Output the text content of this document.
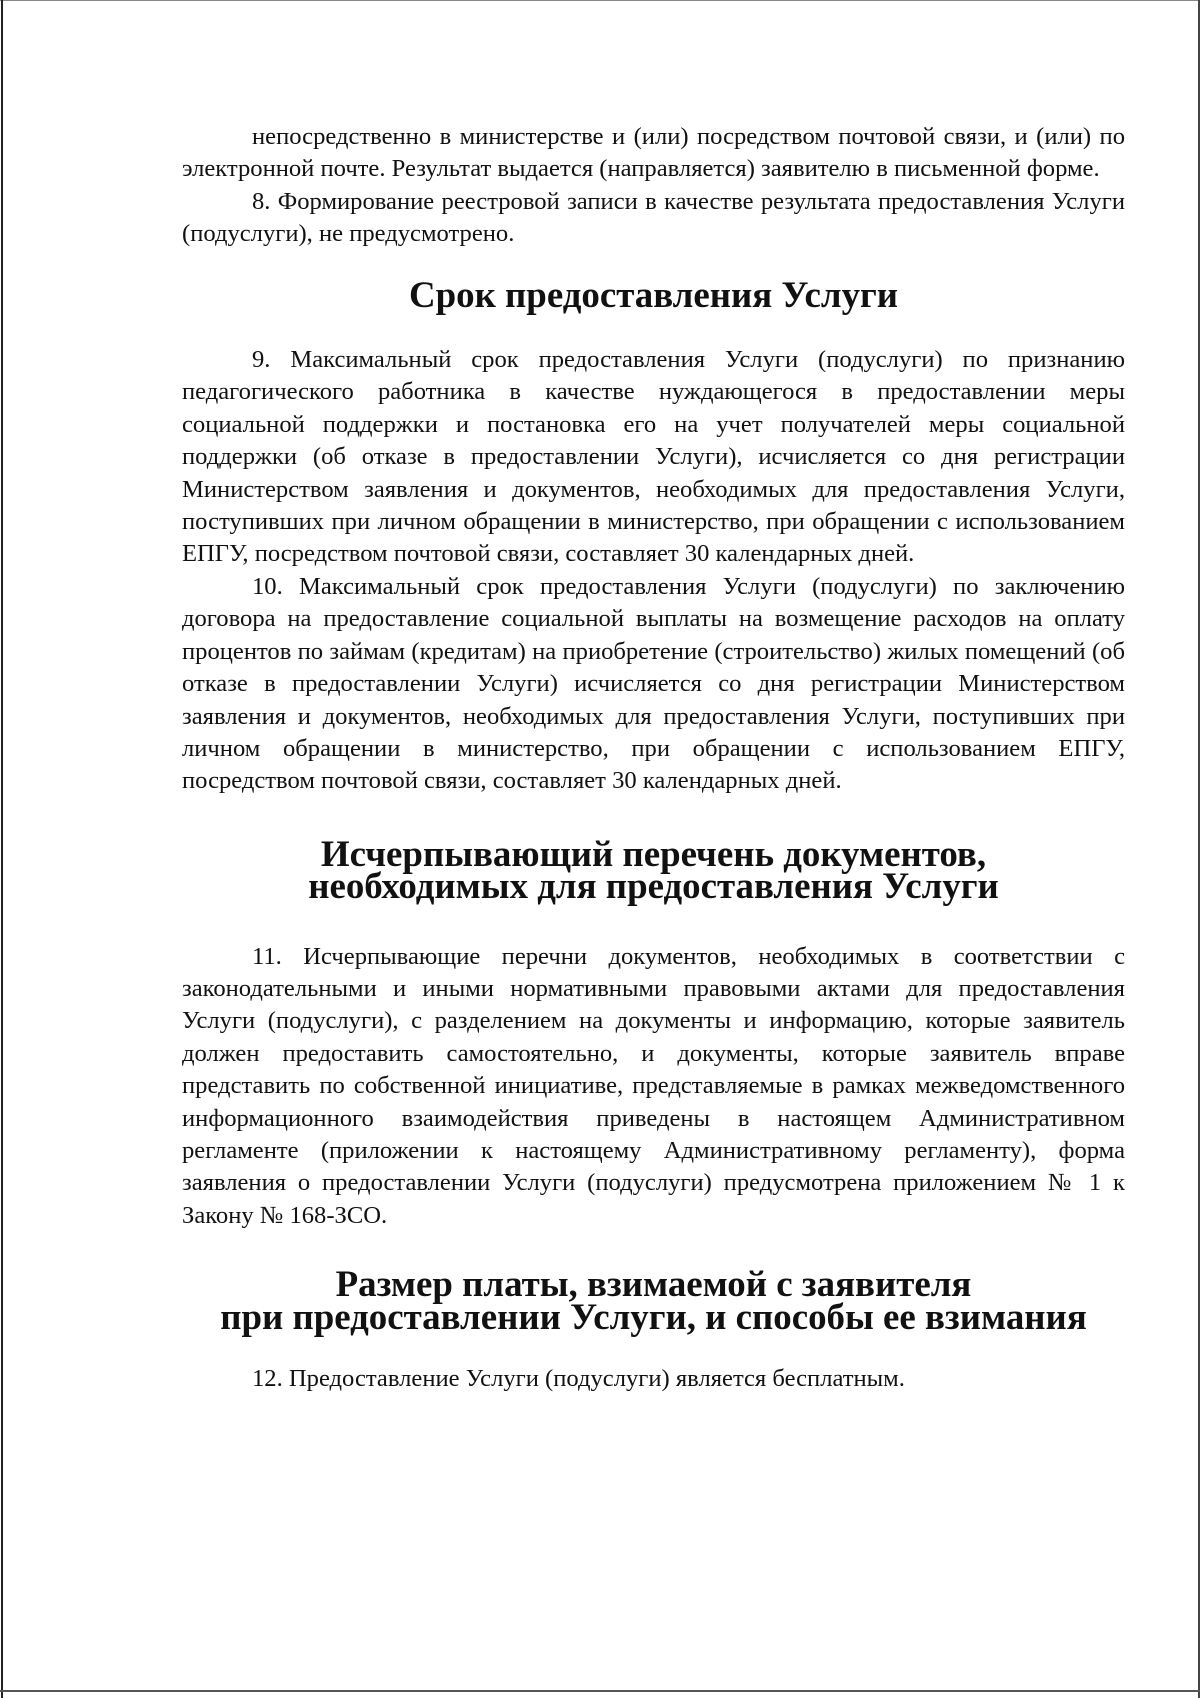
непосредственно в министерстве и (или) посредством почтовой связи, и (или) по электронной почте. Результат выдается (направляется) заявителю в письменной форме.

8. Формирование реестровой записи в качестве результата предоставления Услуги (подуслуги), не предусмотрено.

Срок предоставления Услуги

9. Максимальный срок предоставления Услуги (подуслуги) по признанию педагогического работника в качестве нуждающегося в предоставлении меры социальной поддержки и постановка его на учет получателей меры социальной поддержки (об отказе в предоставлении Услуги), исчисляется со дня регистрации Министерством заявления и документов, необходимых для предоставления Услуги, поступивших при личном обращении в министерство, при обращении с использованием ЕПГУ, посредством почтовой связи, составляет 30 календарных дней.

10. Максимальный срок предоставления Услуги (подуслуги) по заключению договора на предоставление социальной выплаты на возмещение расходов на оплату процентов по займам (кредитам) на приобретение (строительство) жилых помещений (об отказе в предоставлении Услуги) исчисляется со дня регистрации Министерством заявления и документов, необходимых для предоставления Услуги, поступивших при личном обращении в министерство, при обращении с использованием ЕПГУ, посредством почтовой связи, составляет 30 календарных дней.

Исчерпывающий перечень документов,
необходимых для предоставления Услуги

11. Исчерпывающие перечни документов, необходимых в соответствии с законодательными и иными нормативными правовыми актами для предоставления Услуги (подуслуги), с разделением на документы и информацию, которые заявитель должен предоставить самостоятельно, и документы, которые заявитель вправе представить по собственной инициативе, представляемые в рамках межведомственного информационного взаимодействия приведены в настоящем Административном регламенте (приложении к настоящему Административному регламенту), форма заявления о предоставлении Услуги (подуслуги) предусмотрена приложением № 1 к Закону № 168-ЗСО.

Размер платы, взимаемой с заявителя
при предоставлении Услуги, и способы ее взимания

12. Предоставление Услуги (подуслуги) является бесплатным.
